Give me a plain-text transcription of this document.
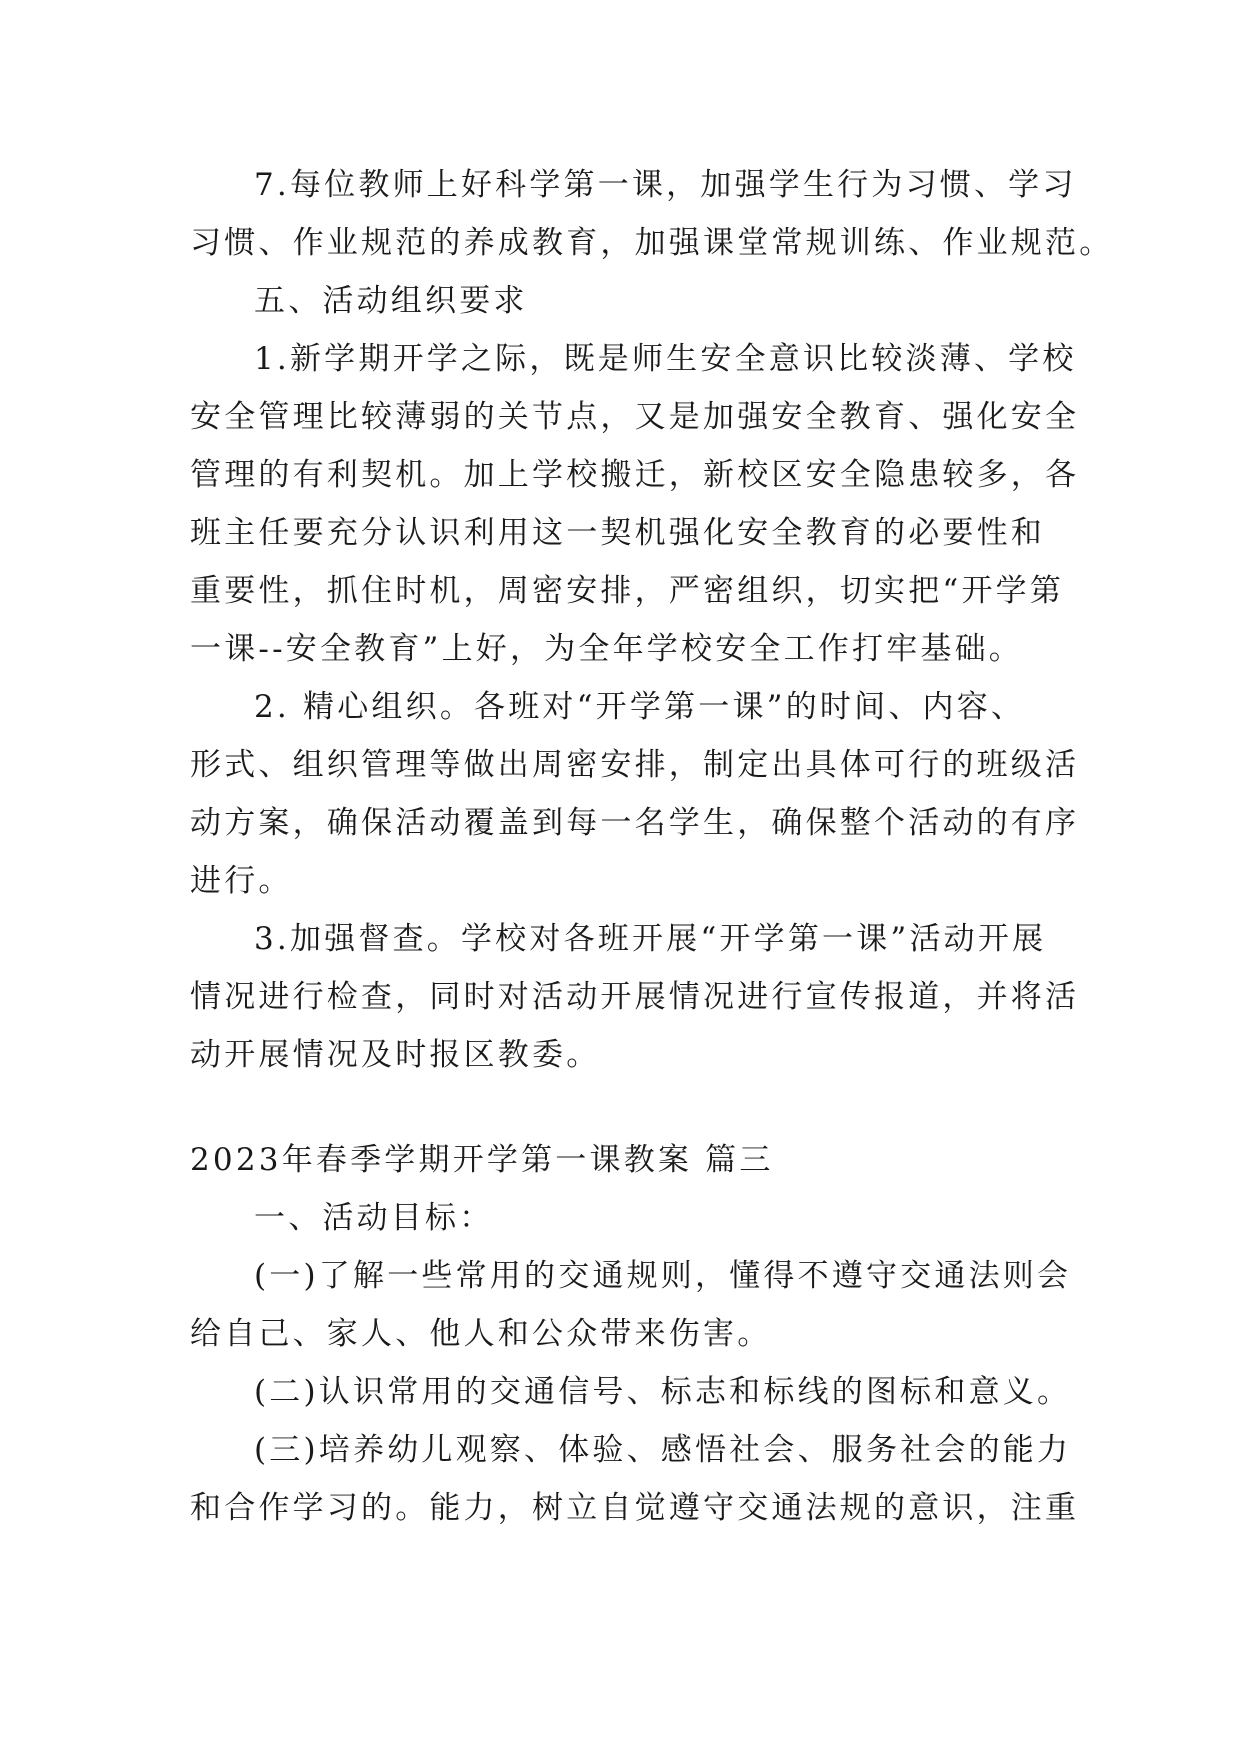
7.每位教师上好科学第一课，加强学生行为习惯、学习
习惯、作业规范的养成教育，加强课堂常规训练、作业规范。
五、活动组织要求
1.新学期开学之际，既是师生安全意识比较淡薄、学校
安全管理比较薄弱的关节点，又是加强安全教育、强化安全
管理的有利契机。加上学校搬迁，新校区安全隐患较多，各
班主任要充分认识利用这一契机强化安全教育的必要性和
重要性，抓住时机，周密安排，严密组织，切实把“开学第
一课--安全教育”上好，为全年学校安全工作打牢基础。
2. 精心组织。各班对“开学第一课”的时间、内容、
形式、组织管理等做出周密安排，制定出具体可行的班级活
动方案，确保活动覆盖到每一名学生，确保整个活动的有序
进行。
3.加强督查。学校对各班开展“开学第一课”活动开展
情况进行检查，同时对活动开展情况进行宣传报道，并将活
动开展情况及时报区教委。
2023年春季学期开学第一课教案 篇三
一、活动目标：
(一)了解一些常用的交通规则，懂得不遵守交通法则会
给自己、家人、他人和公众带来伤害。
(二)认识常用的交通信号、标志和标线的图标和意义。
(三)培养幼儿观察、体验、感悟社会、服务社会的能力
和合作学习的。能力，树立自觉遵守交通法规的意识，注重
